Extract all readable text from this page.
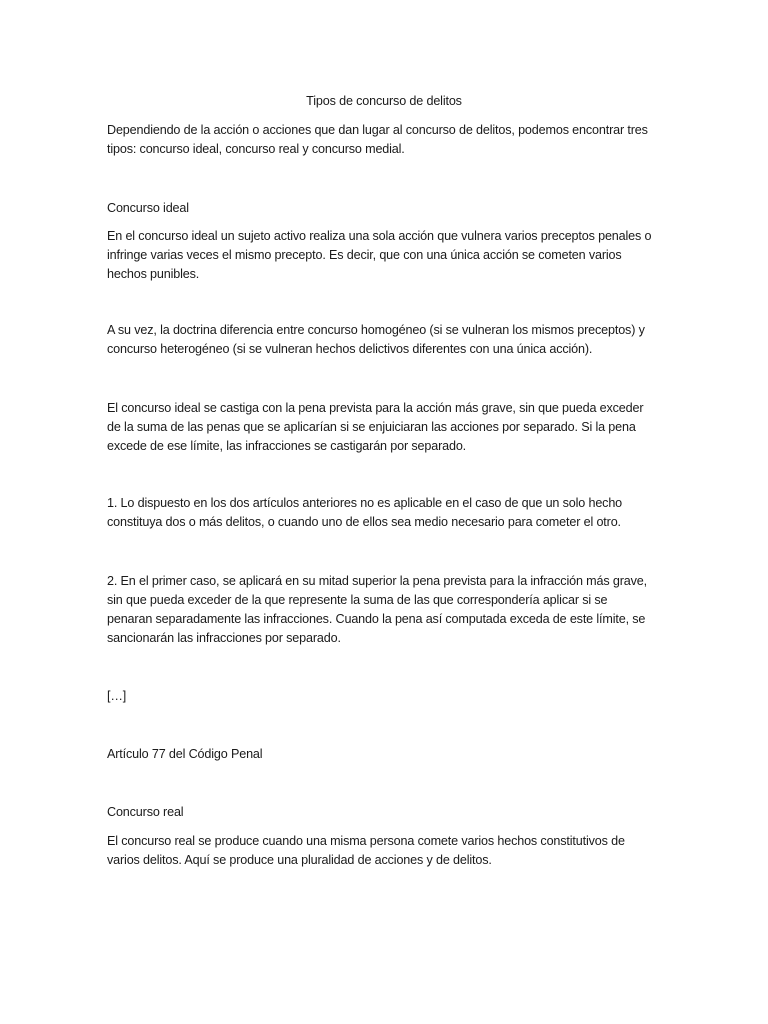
Tipos de concurso de delitos
Dependiendo de la acción o acciones que dan lugar al concurso de delitos, podemos encontrar tres
tipos: concurso ideal, concurso real y concurso medial.
Concurso ideal
En el concurso ideal un sujeto activo realiza una sola acción que vulnera varios preceptos penales o
infringe varias veces el mismo precepto. Es decir, que con una única acción se cometen varios
hechos punibles.
A su vez, la doctrina diferencia entre concurso homogéneo (si se vulneran los mismos preceptos) y
concurso heterogéneo (si se vulneran hechos delictivos diferentes con una única acción).
El concurso ideal se castiga con la pena prevista para la acción más grave, sin que pueda exceder
de la suma de las penas que se aplicarían si se enjuiciaran las acciones por separado. Si la pena
excede de ese límite, las infracciones se castigarán por separado.
1. Lo dispuesto en los dos artículos anteriores no es aplicable en el caso de que un solo hecho
constituya dos o más delitos, o cuando uno de ellos sea medio necesario para cometer el otro.
2. En el primer caso, se aplicará en su mitad superior la pena prevista para la infracción más grave,
sin que pueda exceder de la que represente la suma de las que correspondería aplicar si se
penaran separadamente las infracciones. Cuando la pena así computada exceda de este límite, se
sancionarán las infracciones por separado.
[…]
Artículo 77 del Código Penal
Concurso real
El concurso real se produce cuando una misma persona comete varios hechos constitutivos de
varios delitos. Aquí se produce una pluralidad de acciones y de delitos.
